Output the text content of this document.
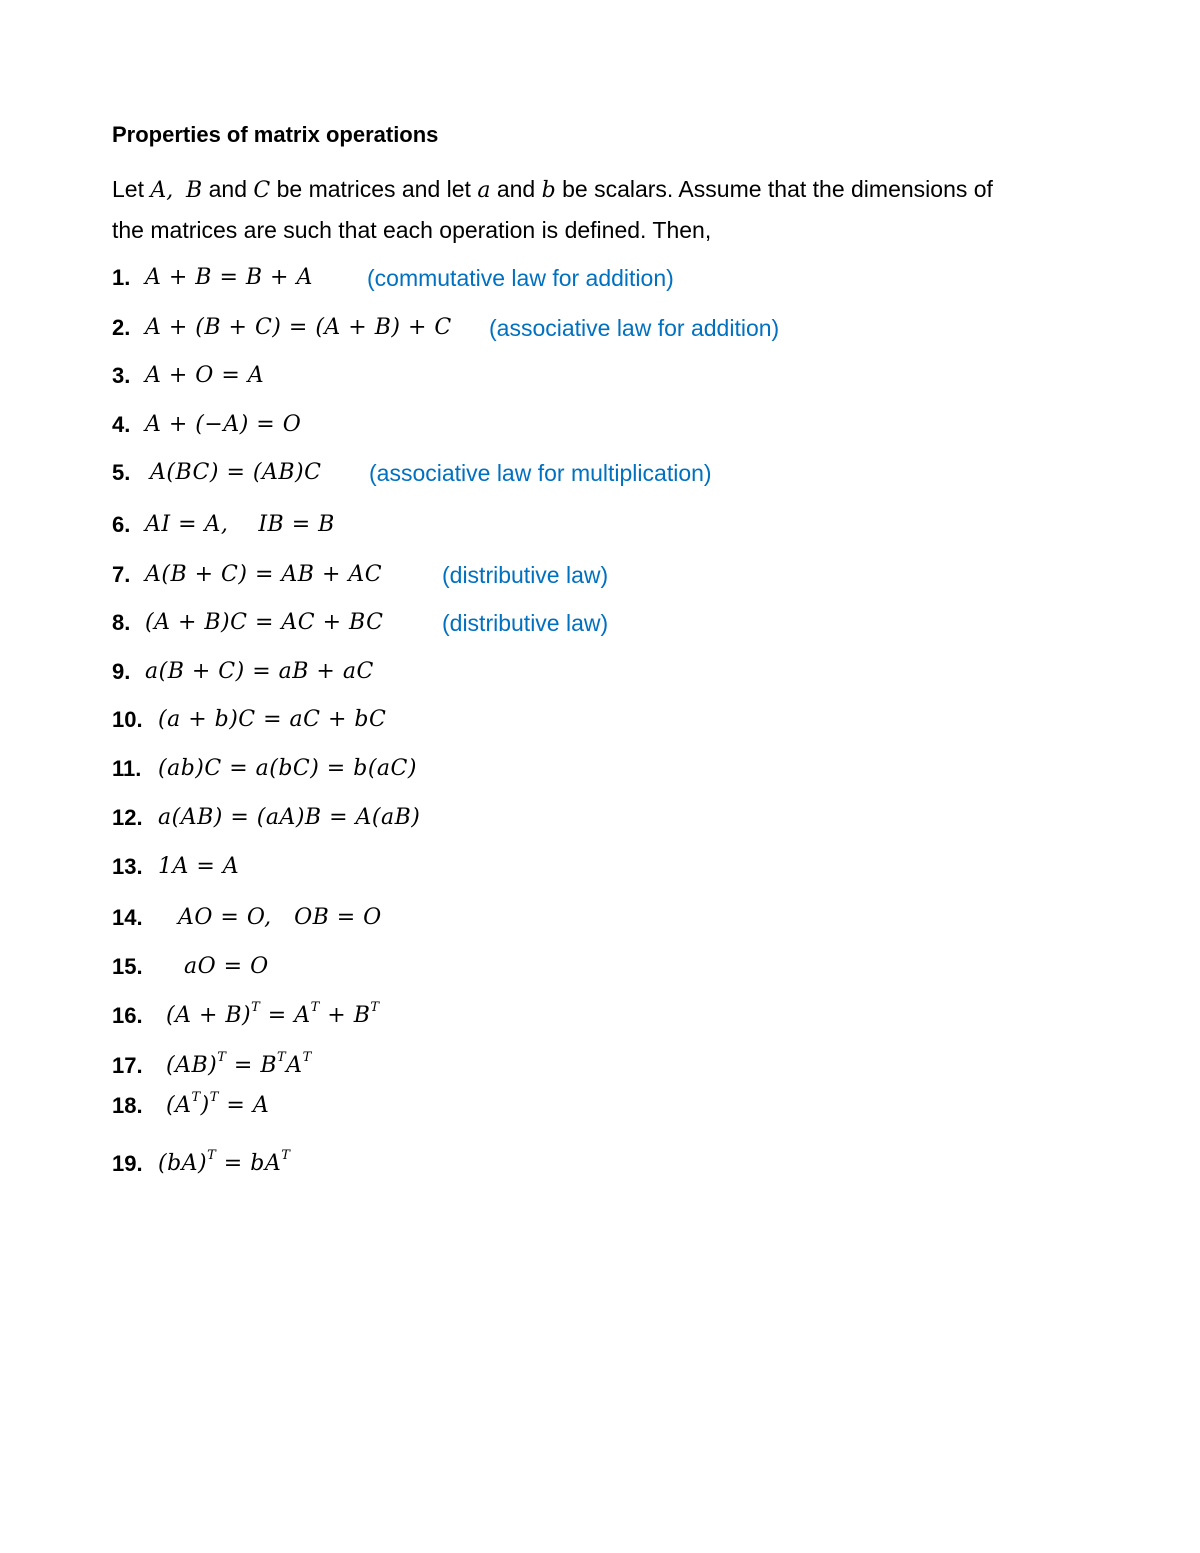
Properties of matrix operations
Let A, B and C be matrices and let a and b be scalars. Assume that the dimensions of
the matrices are such that each operation is defined. Then,
1. A + B = B + A (commutative law for addition)
2. A + (B + C) = (A + B) + C (associative law for addition)
3. A + O = A
4. A + (−A) = O
5. A(BC) = (AB)C (associative law for multiplication)
6. AI = A,    IB = B
7. A(B + C) = AB + AC	(distributive law)
8. (A + B)C = AC + BC	(distributive law)
9. a(B + C) = aB + aC
10. (a + b)C = aC + bC
11. (ab)C = a(bC) = b(aC)
12. a(AB) = (aA)B = A(aB)
13. 1A = A
14. AO = O,   OB = O
15. aO = O
16. $(A + B)^T = A^T + B^T$
17. $(AB)^T = B^TA^T$
18. $(A^T)^T = A$
19. $(bA)^T = bA^T$
